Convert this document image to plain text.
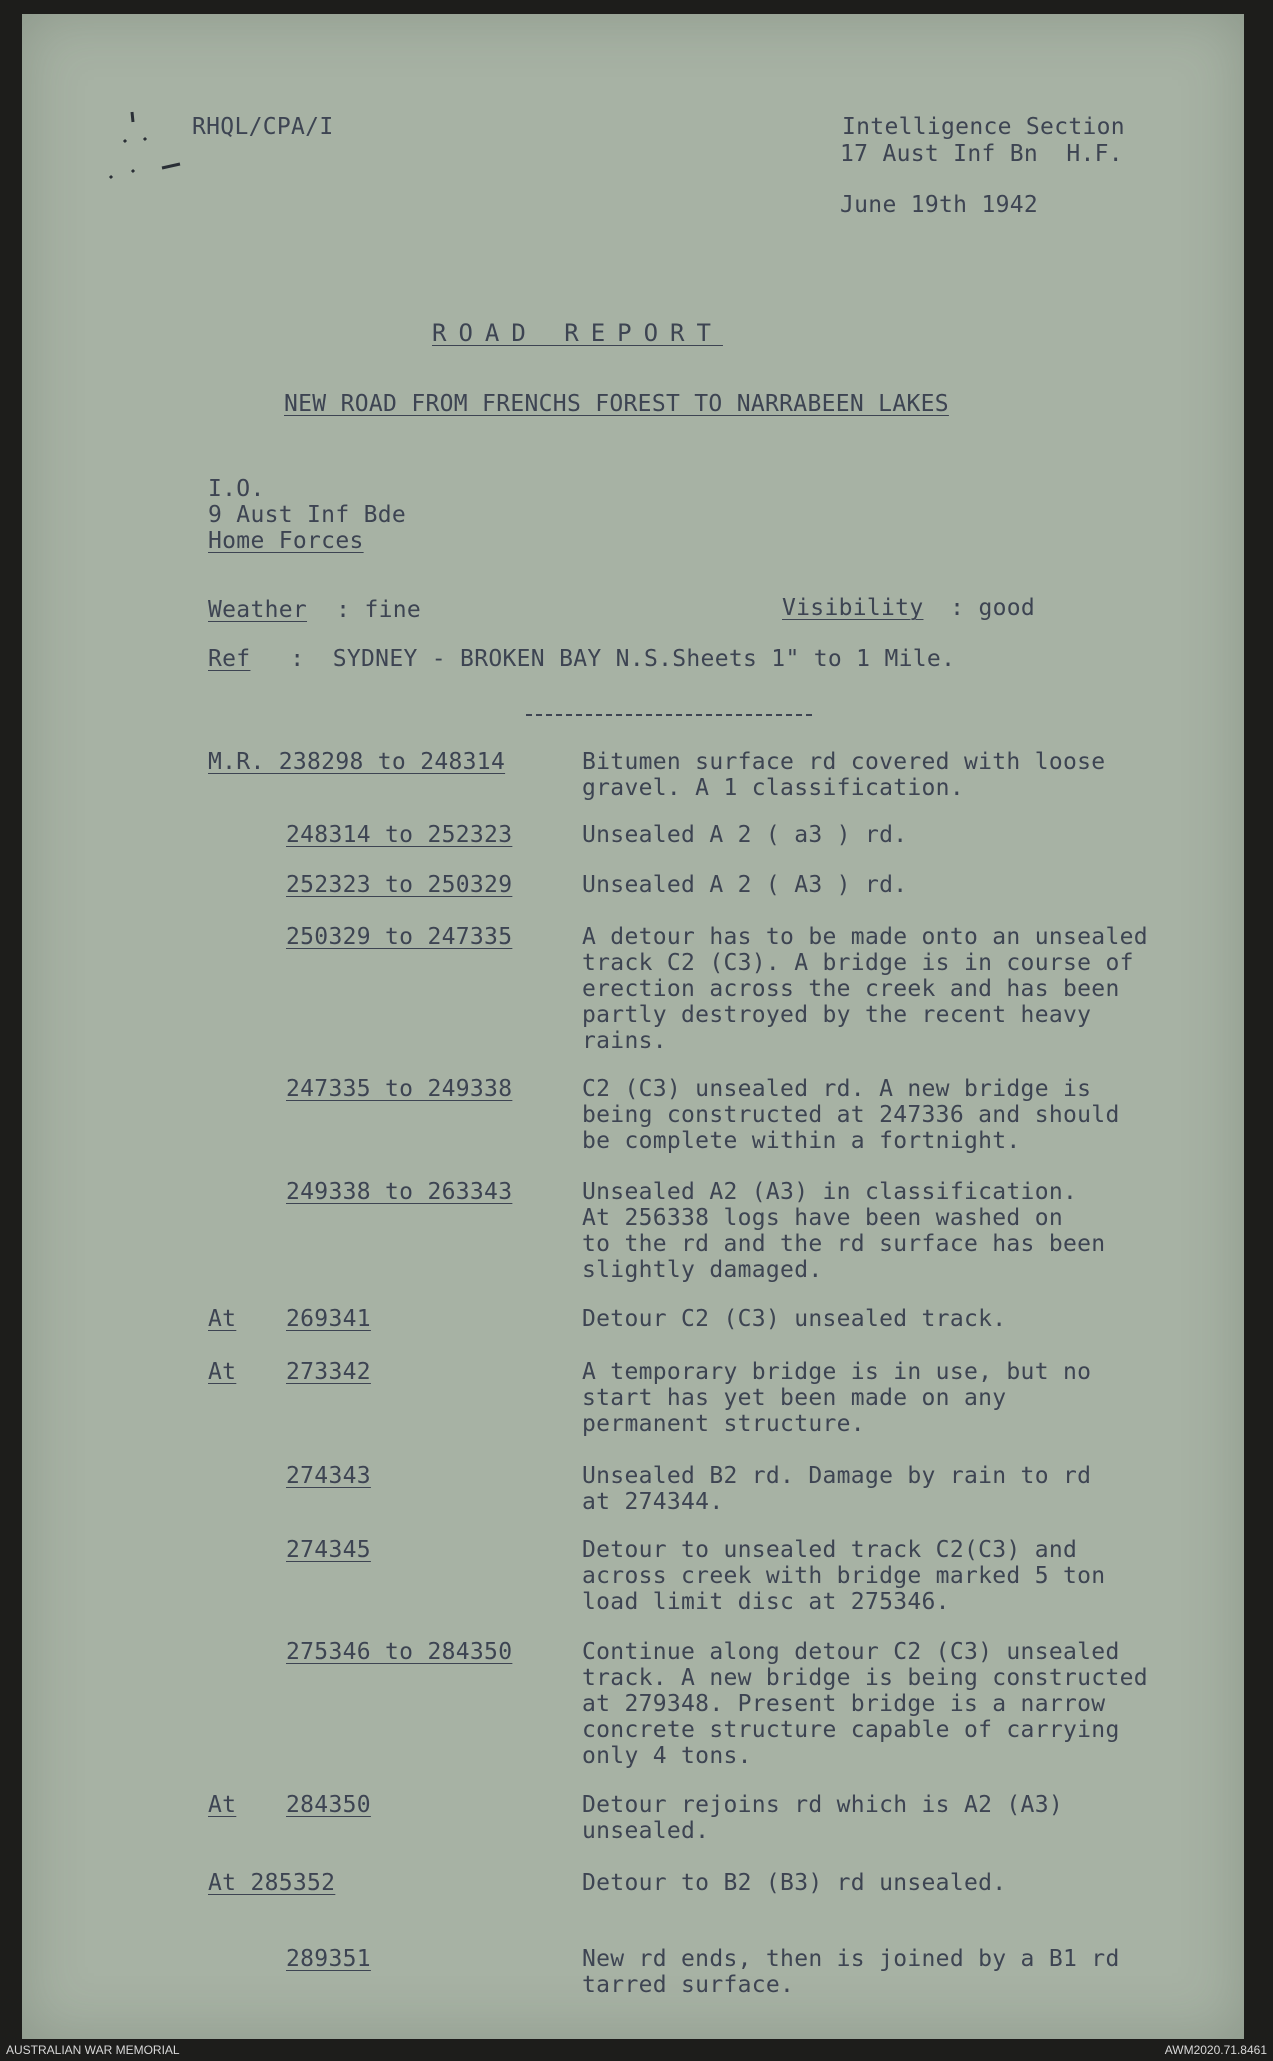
RHQL/CPA/I	Intelligence Section
17 Aust Inf Bn  H.F.
June 19th 1942
ROAD REPORT
NEW ROAD FROM FRENCHS FOREST TO NARRABEEN LAKES
I.O.
9 Aust Inf Bde
Home Forces
Weather : fine	Visibility : good
Ref :  SYDNEY - BROKEN BAY N.S.Sheets 1" to 1 Mile.
M.R. 238298 to 248314	Bitumen surface rd covered with loose
gravel. A 1 classification.
248314 to 252323	Unsealed A 2 ( a3 ) rd.
252323 to 250329	Unsealed A 2 ( A3 ) rd.
250329 to 247335	A detour has to be made onto an unsealed
track C2 (C3). A bridge is in course of
erection across the creek and has been
partly destroyed by the recent heavy
rains.
247335 to 249338	C2 (C3) unsealed rd. A new bridge is
being constructed at 247336 and should
be complete within a fortnight.
249338 to 263343	Unsealed A2 (A3) in classification.
At 256338 logs have been washed on
to the rd and the rd surface has been
slightly damaged.
At 269341	Detour C2 (C3) unsealed track.
At 273342	A temporary bridge is in use, but no
start has yet been made on any
permanent structure.
274343	Unsealed B2 rd. Damage by rain to rd
at 274344.
274345	Detour to unsealed track C2(C3) and
across creek with bridge marked 5 ton
load limit disc at 275346.
275346 to 284350	Continue along detour C2 (C3) unsealed
track. A new bridge is being constructed
at 279348. Present bridge is a narrow
concrete structure capable of carrying
only 4 tons.
At 284350	Detour rejoins rd which is A2 (A3)
unsealed.
At 285352	Detour to B2 (B3) rd unsealed.
289351	New rd ends, then is joined by a B1 rd
tarred surface.
AUSTRALIAN WAR MEMORIAL	AWM2020.71.8461
